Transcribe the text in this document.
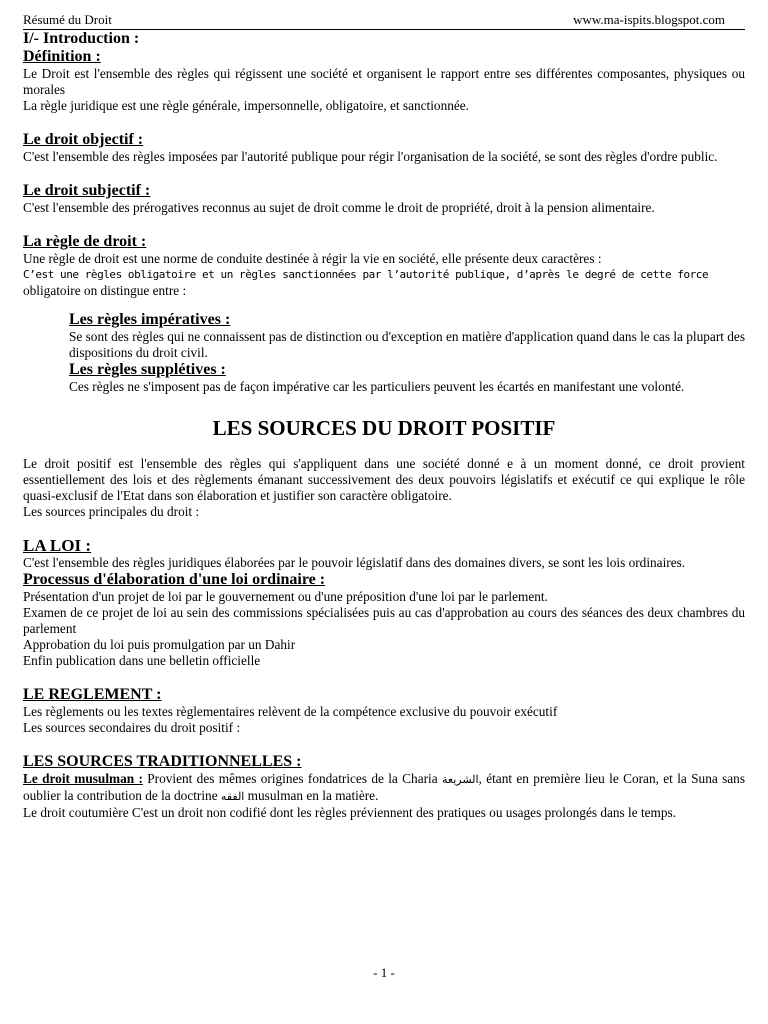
Résumé du Droit	www.ma-ispits.blogspot.com
I/- Introduction :
Définition :

Le Droit est l'ensemble des règles qui régissent une société et organisent le rapport entre ses différentes composantes, physiques ou morales

La règle juridique est une règle générale, impersonnelle, obligatoire, et sanctionnée.

Le droit objectif :

C'est l'ensemble des règles imposées par l'autorité publique pour régir l'organisation de la société, se sont des règles d'ordre public.

Le droit subjectif :

C'est l'ensemble des prérogatives reconnus au sujet de droit comme le droit de propriété, droit à la pension alimentaire.

La règle de droit :

Une règle de droit est une norme de conduite destinée à régir la vie en société, elle présente deux caractères :

C’est une règles obligatoire et un règles sanctionnées par l’autorité publique, d’après le degré de cette force

obligatoire on distingue entre :

Les règles impératives :

Se sont des règles qui ne connaissent pas de distinction ou d'exception en matière d'application quand dans le cas la plupart des dispositions du droit civil.

Les règles supplétives :

Ces règles ne s'imposent pas de façon impérative car les particuliers peuvent les écartés en manifestant une volonté.

LES SOURCES DU DROIT POSITIF

Le droit positif est l'ensemble des règles qui s'appliquent dans une société donné e à un moment donné, ce droit provient essentiellement des lois et des règlements émanant successivement des deux pouvoirs législatifs et exécutif ce qui explique le rôle quasi-exclusif de l'Etat dans son élaboration et justifier son caractère obligatoire.

Les sources principales du droit :

LA LOI :

C'est l'ensemble des règles juridiques élaborées par le pouvoir législatif dans des domaines divers, se sont les lois ordinaires.

Processus d'élaboration d'une loi ordinaire :

Présentation d'un projet de loi par le gouvernement ou d'une préposition d'une loi par le parlement.

Examen de ce projet de loi au sein des commissions spécialisées puis au cas d'approbation au cours des séances des deux chambres du parlement

Approbation du loi puis promulgation par un Dahir

Enfin publication dans une belletin officielle

LE REGLEMENT :

Les règlements ou les textes règlementaires relèvent de la compétence exclusive du pouvoir exécutif

Les sources secondaires du droit positif :

LES SOURCES TRADITIONNELLES :

Le droit musulman : Provient des mêmes origines fondatrices de la Charia الشريعة, étant en première lieu le Coran, et la Suna sans oublier la contribution de la doctrine الفقه musulman en la matière.

Le droit coutumière C'est un droit non codifié dont les règles préviennent des pratiques ou usages prolongés dans le temps.

- 1 -
